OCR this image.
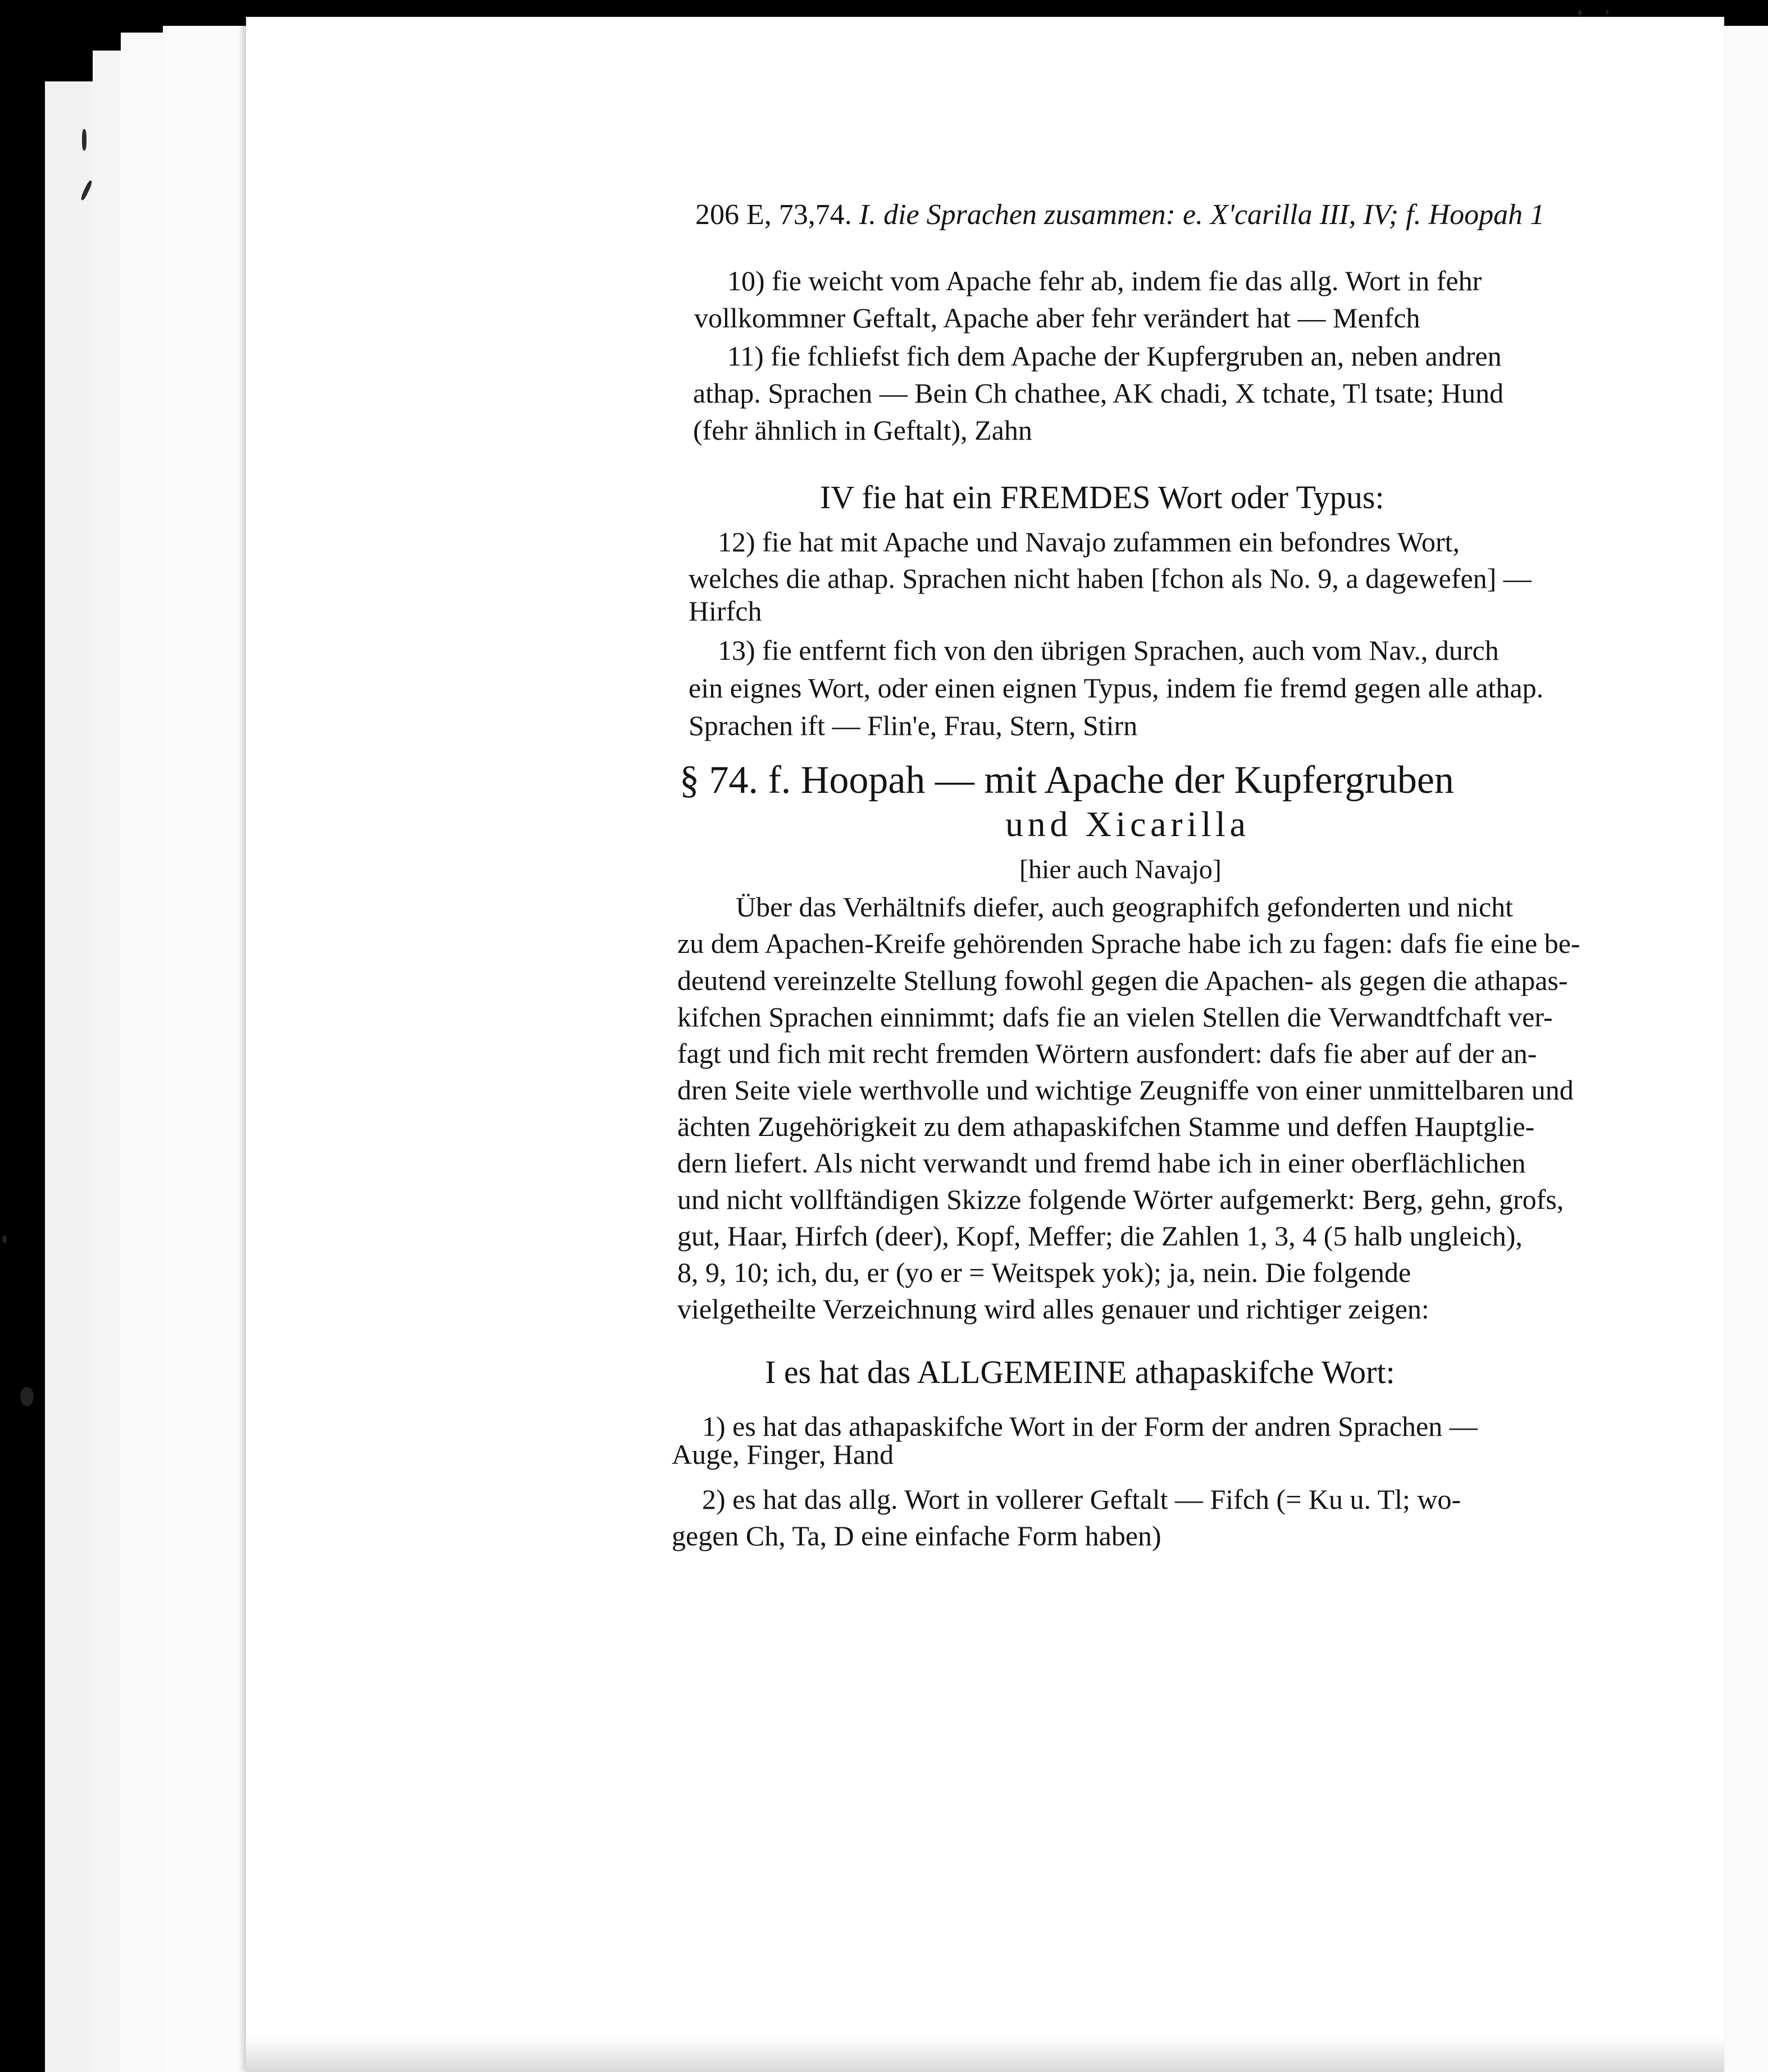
206 E, 73,74. I. die Sprachen zusammen: e. X'carilla III, IV; f. Hoopah 1
10) fie weicht vom Apache fehr ab, indem fie das allg. Wort in fehr
vollkommner Geftalt, Apache aber fehr verändert hat — Menfch
11) fie fchliefst fich dem Apache der Kupfergruben an, neben andren
athap. Sprachen — Bein Ch chathee, AK chadi, X tchate, Tl tsate; Hund
(fehr ähnlich in Geftalt), Zahn
IV fie hat ein FREMDES Wort oder Typus:
12) fie hat mit Apache und Navajo zufammen ein befondres Wort,
welches die athap. Sprachen nicht haben [fchon als No. 9, a dagewefen] —
Hirfch
13) fie entfernt fich von den übrigen Sprachen, auch vom Nav., durch
ein eignes Wort, oder einen eignen Typus, indem fie fremd gegen alle athap.
Sprachen ift — Flin'e, Frau, Stern, Stirn
§ 74. f. Hoopah — mit Apache der Kupfergruben
und Xicarilla
[hier auch Navajo]
Über das Verhältnifs diefer, auch geographifch gefonderten und nicht
zu dem Apachen-Kreife gehörenden Sprache habe ich zu fagen: dafs fie eine be-
deutend vereinzelte Stellung fowohl gegen die Apachen- als gegen die athapas-
kifchen Sprachen einnimmt; dafs fie an vielen Stellen die Verwandtfchaft ver-
fagt und fich mit recht fremden Wörtern ausfondert: dafs fie aber auf der an-
dren Seite viele werthvolle und wichtige Zeugniffe von einer unmittelbaren und
ächten Zugehörigkeit zu dem athapaskifchen Stamme und deffen Hauptglie-
dern liefert. Als nicht verwandt und fremd habe ich in einer oberflächlichen
und nicht vollftändigen Skizze folgende Wörter aufgemerkt: Berg, gehn, grofs,
gut, Haar, Hirfch (deer), Kopf, Meffer; die Zahlen 1, 3, 4 (5 halb ungleich),
8, 9, 10; ich, du, er (yo er = Weitspek yok); ja, nein. Die folgende
vielgetheilte Verzeichnung wird alles genauer und richtiger zeigen:
I es hat das ALLGEMEINE athapaskifche Wort:
1) es hat das athapaskifche Wort in der Form der andren Sprachen —
Auge, Finger, Hand
2) es hat das allg. Wort in vollerer Geftalt — Fifch (= Ku u. Tl; wo-
gegen Ch, Ta, D eine einfache Form haben)
